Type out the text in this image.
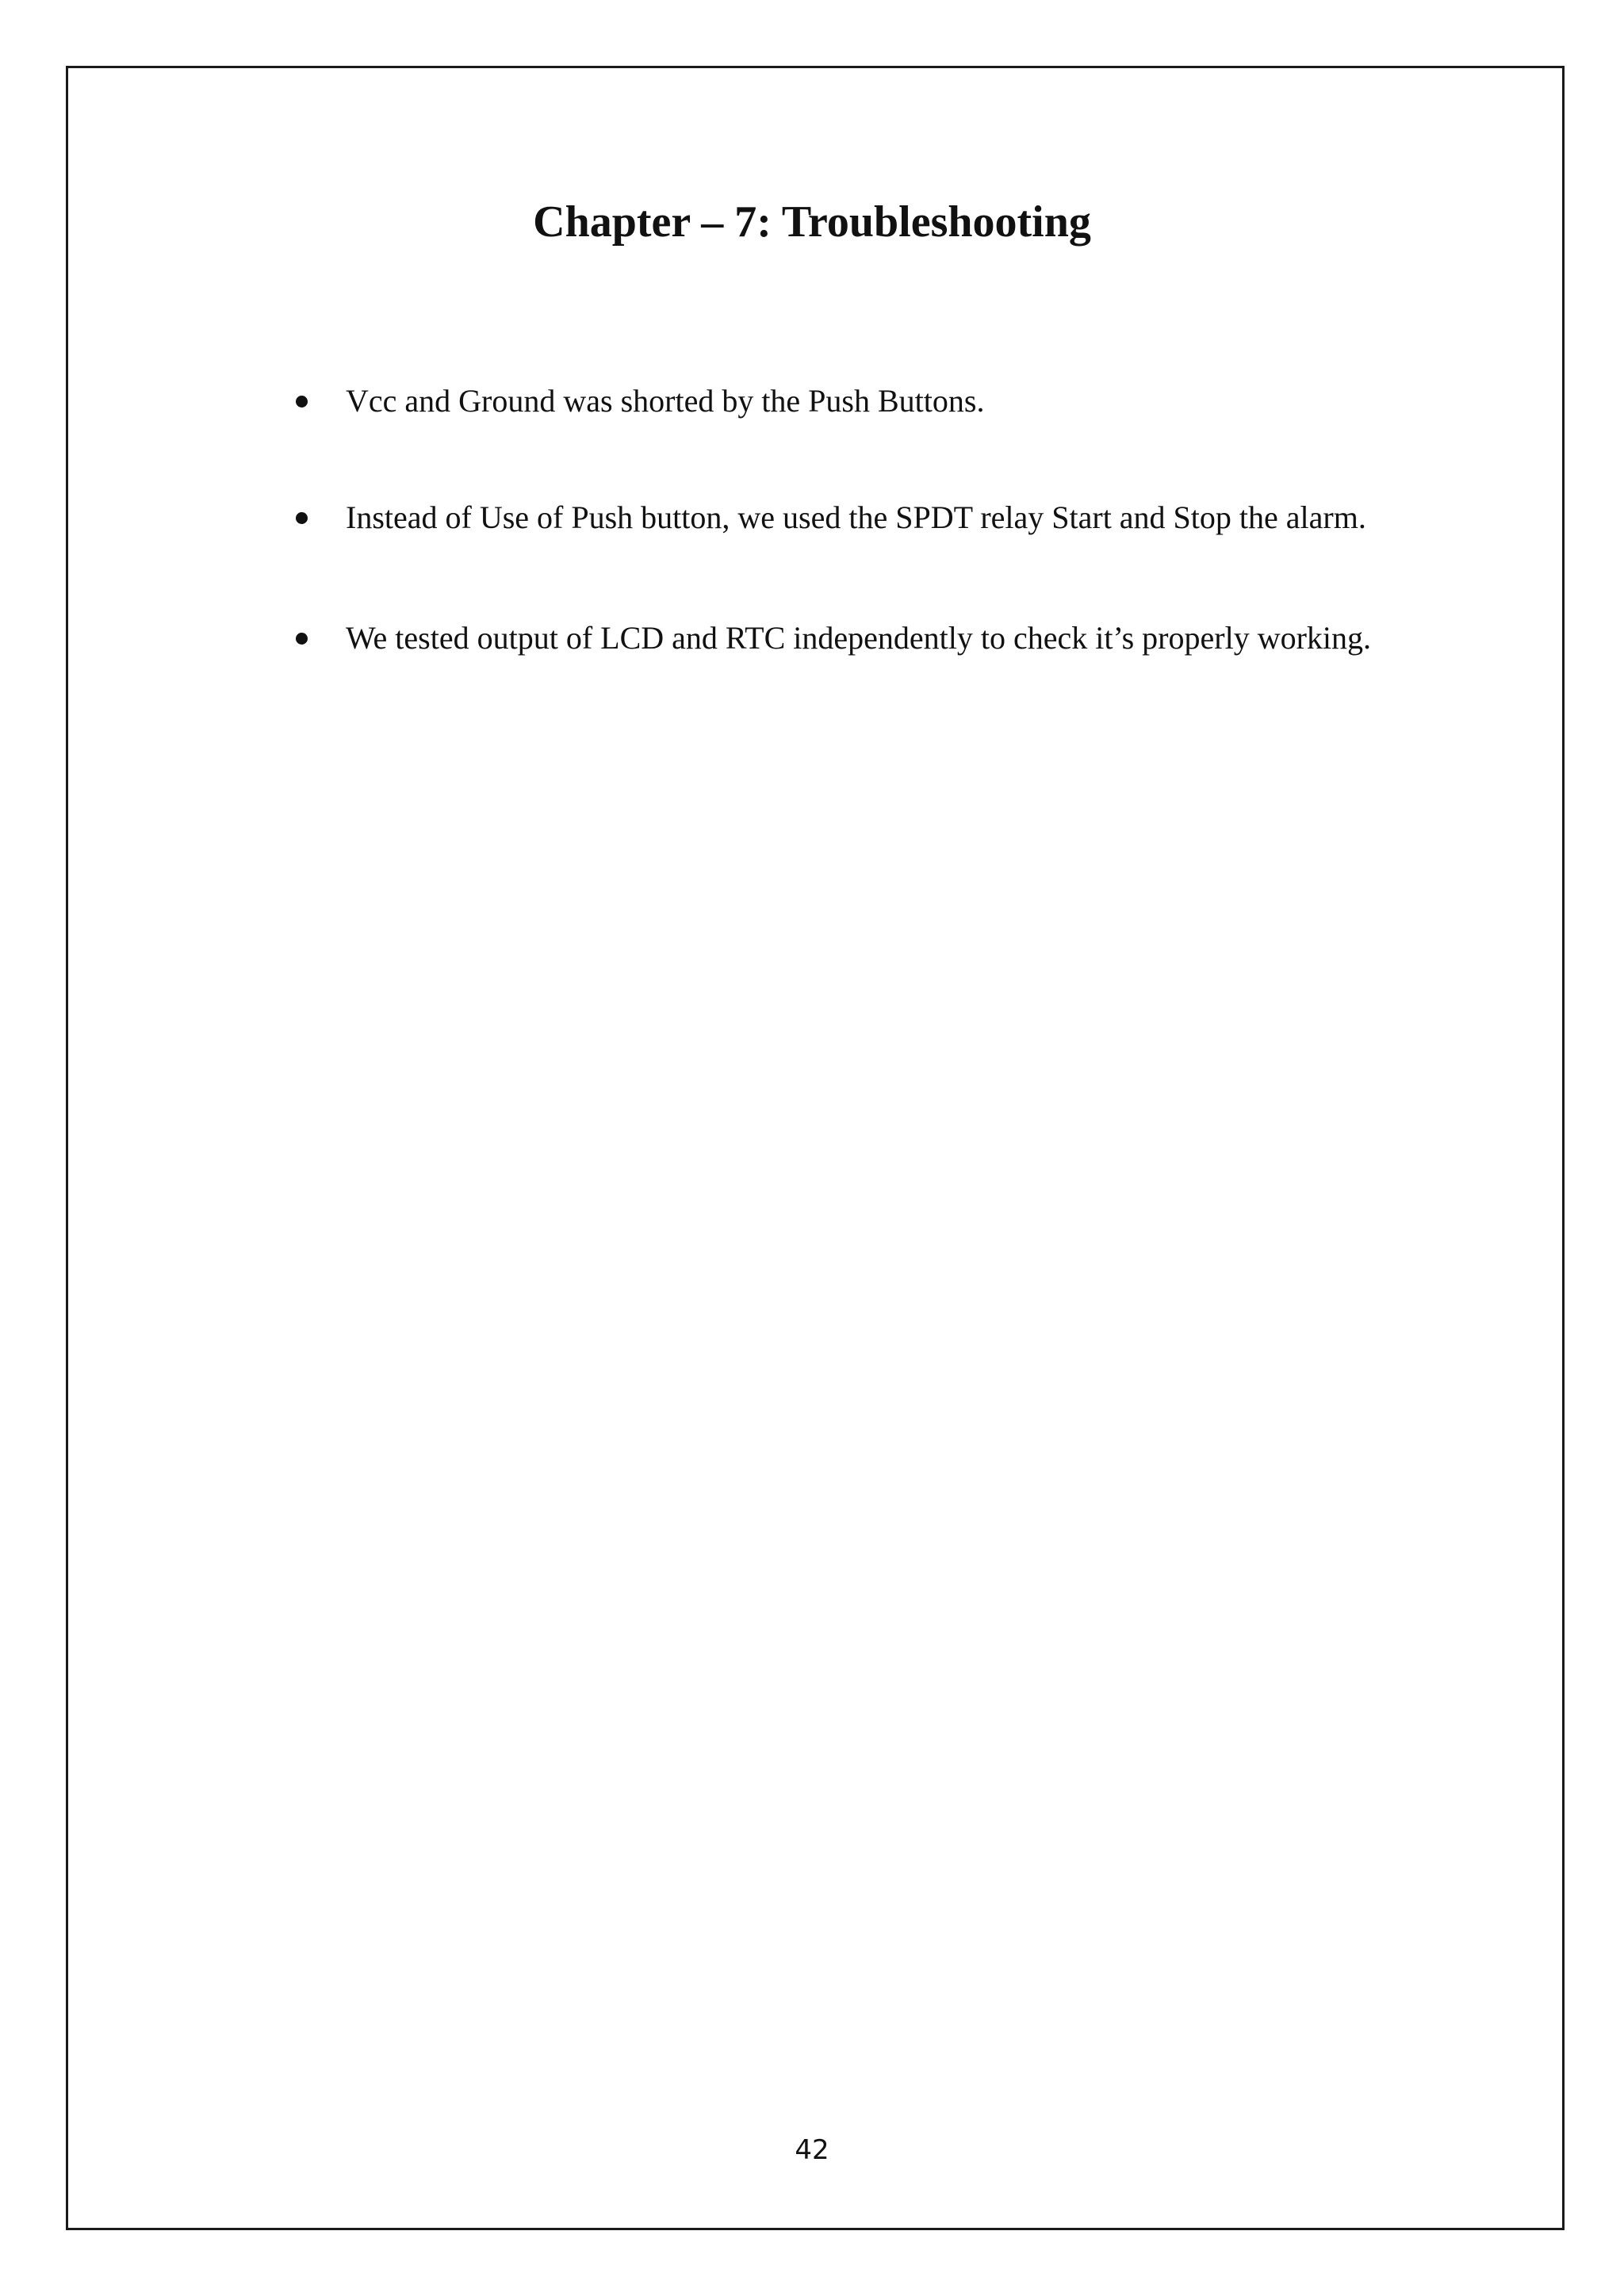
Chapter – 7: Troubleshooting
Vcc and Ground was shorted by the Push Buttons.
Instead of Use of Push button, we used the SPDT relay Start and Stop the alarm.
We tested output of LCD and RTC independently to check it’s properly working.
42
